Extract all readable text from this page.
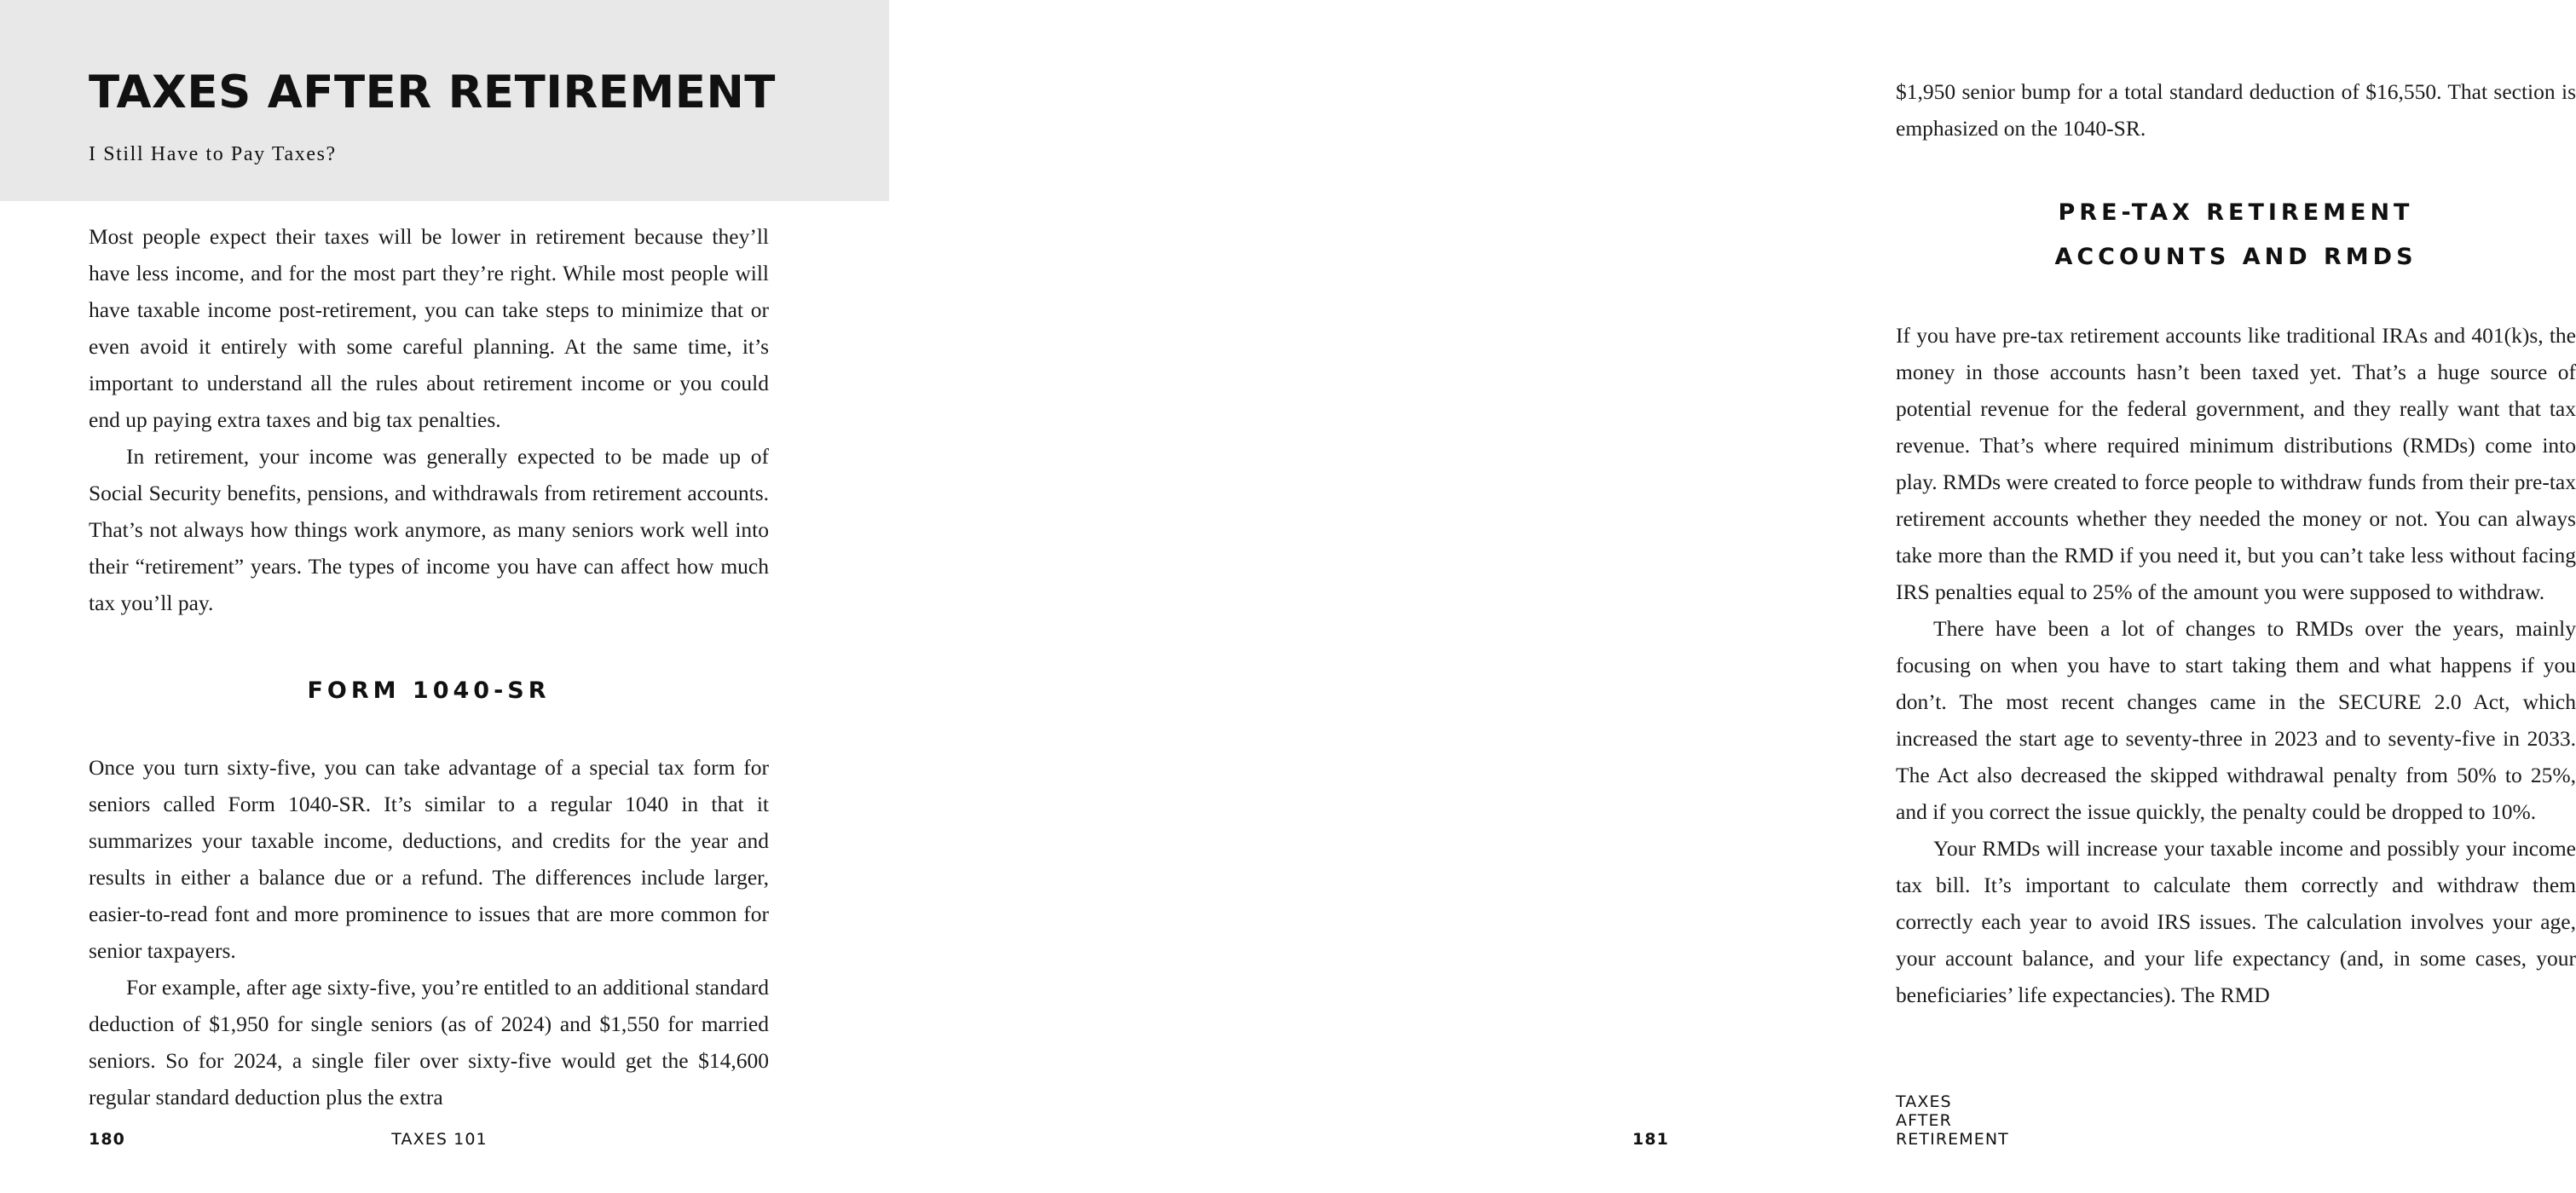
TAXES AFTER RETIREMENT
I Still Have to Pay Taxes?

Most people expect their taxes will be lower in retirement because they’ll have less income, and for the most part they’re right. While most people will have taxable income post-retirement, you can take steps to minimize that or even avoid it entirely with some careful planning. At the same time, it’s important to understand all the rules about retirement income or you could end up paying extra taxes and big tax penalties.

In retirement, your income was generally expected to be made up of Social Security benefits, pensions, and withdrawals from retirement accounts. That’s not always how things work anymore, as many seniors work well into their “retirement” years. The types of income you have can affect how much tax you’ll pay.

FORM 1040-SR

Once you turn sixty-five, you can take advantage of a special tax form for seniors called Form 1040-SR. It’s similar to a regular 1040 in that it summarizes your taxable income, deductions, and credits for the year and results in either a balance due or a refund. The differences include larger, easier-to-read font and more prominence to issues that are more common for senior taxpayers.

For example, after age sixty-five, you’re entitled to an additional standard deduction of $1,950 for single seniors (as of 2024) and $1,550 for married seniors. So for 2024, a single filer over sixty-five would get the $14,600 regular standard deduction plus the extra

180	TAXES 101

$1,950 senior bump for a total standard deduction of $16,550. That section is emphasized on the 1040-SR.

PRE-TAX RETIREMENT
ACCOUNTS AND RMDS

If you have pre-tax retirement accounts like traditional IRAs and 401(k)s, the money in those accounts hasn’t been taxed yet. That’s a huge source of potential revenue for the federal government, and they really want that tax revenue. That’s where required minimum distributions (RMDs) come into play. RMDs were created to force people to withdraw funds from their pre-tax retirement accounts whether they needed the money or not. You can always take more than the RMD if you need it, but you can’t take less without facing IRS penalties equal to 25% of the amount you were supposed to withdraw.

There have been a lot of changes to RMDs over the years, mainly focusing on when you have to start taking them and what happens if you don’t. The most recent changes came in the SECURE 2.0 Act, which increased the start age to seventy-three in 2023 and to seventy-five in 2033. The Act also decreased the skipped withdrawal penalty from 50% to 25%, and if you correct the issue quickly, the penalty could be dropped to 10%.

Your RMDs will increase your taxable income and possibly your income tax bill. It’s important to calculate them correctly and withdraw them correctly each year to avoid IRS issues. The calculation involves your age, your account balance, and your life expectancy (and, in some cases, your beneficiaries’ life expectancies). The RMD

TAXES AFTER RETIREMENT
181
